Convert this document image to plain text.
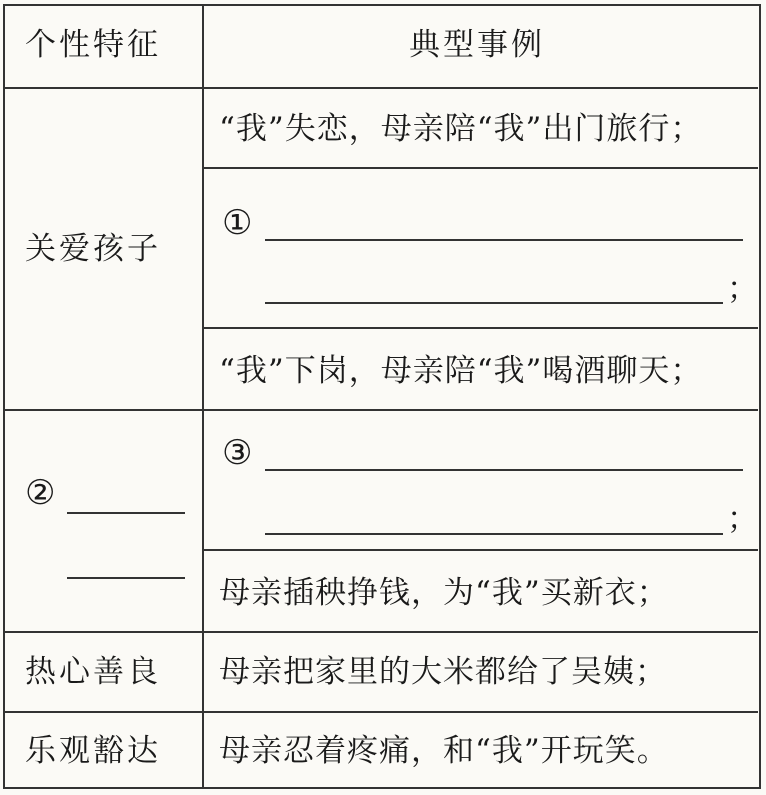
个性特征	典型事例
关爱孩子
“我”失恋，母亲陪“我”出门旅行；
①
；
“我”下岗，母亲陪“我”喝酒聊天；
②
③
；
母亲插秧挣钱，为“我”买新衣；
热心善良 母亲把家里的大米都给了吴姨；
乐观豁达 母亲忍着疼痛，和“我”开玩笑。
